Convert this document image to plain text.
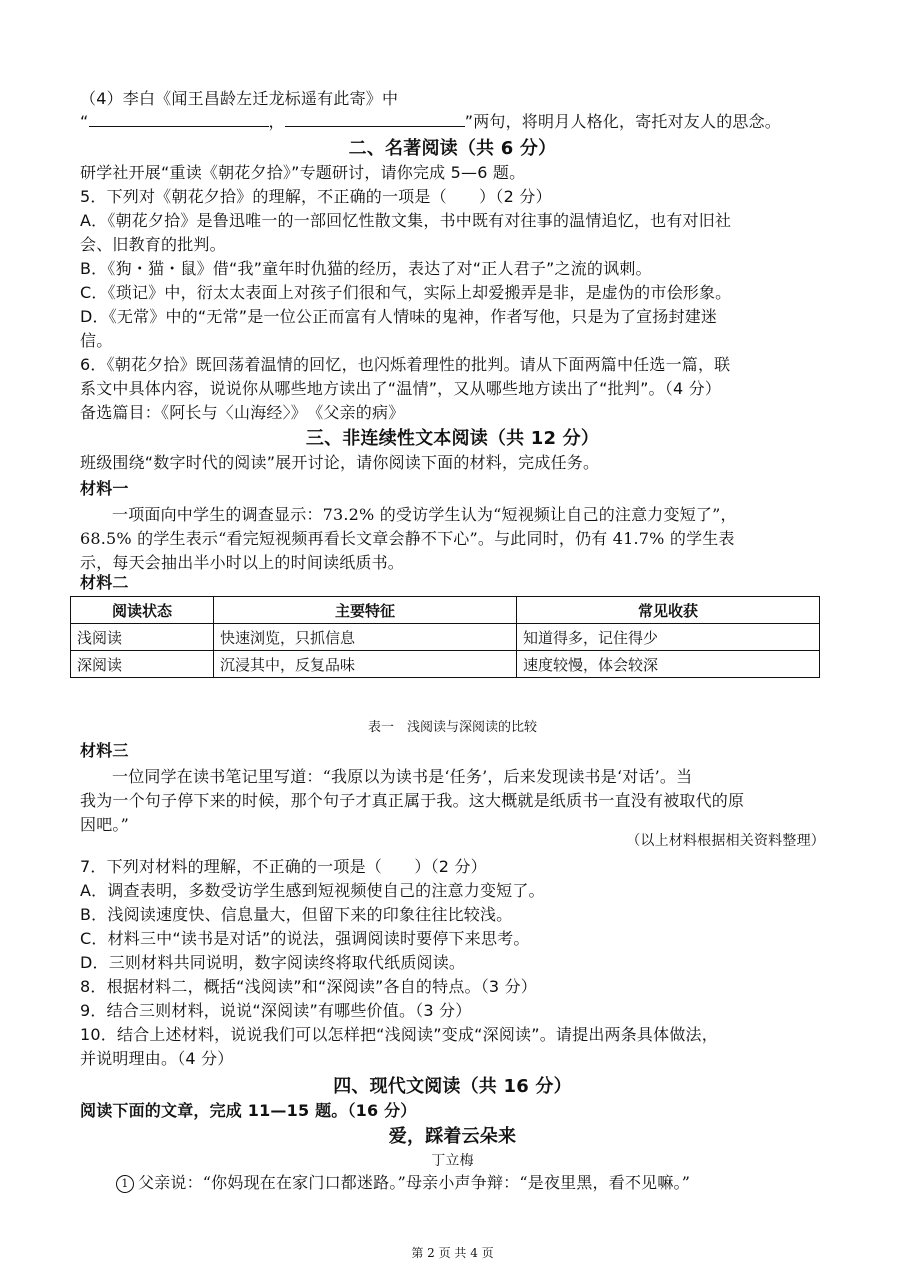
（4）李白《闻王昌龄左迁龙标遥有此寄》中
“	，	”两句，将明月人格化，寄托对友人的思念。
二、名著阅读（共 6 分）
研学社开展“重读《朝花夕拾》”专题研讨，请你完成 5—6 题。
5．下列对《朝花夕拾》的理解，不正确的一项是（　　）（2 分）
A．《朝花夕拾》是鲁迅唯一的一部回忆性散文集，书中既有对往事的温情追忆，也有对旧社
会、旧教育的批判。
B．《狗・猫・鼠》借“我”童年时仇猫的经历，表达了对“正人君子”之流的讽刺。
C．《琐记》中，衍太太表面上对孩子们很和气，实际上却爱搬弄是非，是虚伪的市侩形象。
D．《无常》中的“无常”是一位公正而富有人情味的鬼神，作者写他，只是为了宣扬封建迷
信。
6．《朝花夕拾》既回荡着温情的回忆，也闪烁着理性的批判。请从下面两篇中任选一篇，联
系文中具体内容，说说你从哪些地方读出了“温情”，又从哪些地方读出了“批判”。（4 分）
备选篇目：《阿长与〈山海经〉》　《父亲的病》
三、非连续性文本阅读（共 12 分）
班级围绕“数字时代的阅读”展开讨论，请你阅读下面的材料，完成任务。
材料一
一项面向中学生的调查显示：73.2% 的受访学生认为“短视频让自己的注意力变短了”，
68.5% 的学生表示“看完短视频再看长文章会静不下心”。与此同时，仍有 41.7% 的学生表
示，每天会抽出半小时以上的时间读纸质书。
材料二
阅读状态	主要特征	常见收获
浅阅读	快速浏览，只抓信息	知道得多，记住得少
深阅读	沉浸其中，反复品味	速度较慢，体会较深
表一　浅阅读与深阅读的比较
材料三
一位同学在读书笔记里写道：“我原以为读书是‘任务’，后来发现读书是‘对话’。当
我为一个句子停下来的时候，那个句子才真正属于我。这大概就是纸质书一直没有被取代的原
因吧。”
（以上材料根据相关资料整理）
7．下列对材料的理解，不正确的一项是（　　）（2 分）
A．调查表明，多数受访学生感到短视频使自己的注意力变短了。
B．浅阅读速度快、信息量大，但留下来的印象往往比较浅。
C．材料三中“读书是对话”的说法，强调阅读时要停下来思考。
D．三则材料共同说明，数字阅读终将取代纸质阅读。
8．根据材料二，概括“浅阅读”和“深阅读”各自的特点。（3 分）
9．结合三则材料，说说“深阅读”有哪些价值。（3 分）
10．结合上述材料，说说我们可以怎样把“浅阅读”变成“深阅读”。请提出两条具体做法，
并说明理由。（4 分）
四、现代文阅读（共 16 分）
阅读下面的文章，完成 11—15 题。（16 分）
爱，踩着云朵来
丁立梅
1 父亲说：“你妈现在在家门口都迷路。”母亲小声争辩：“是夜里黑，看不见嘛。”
第 2 页 共 4 页
